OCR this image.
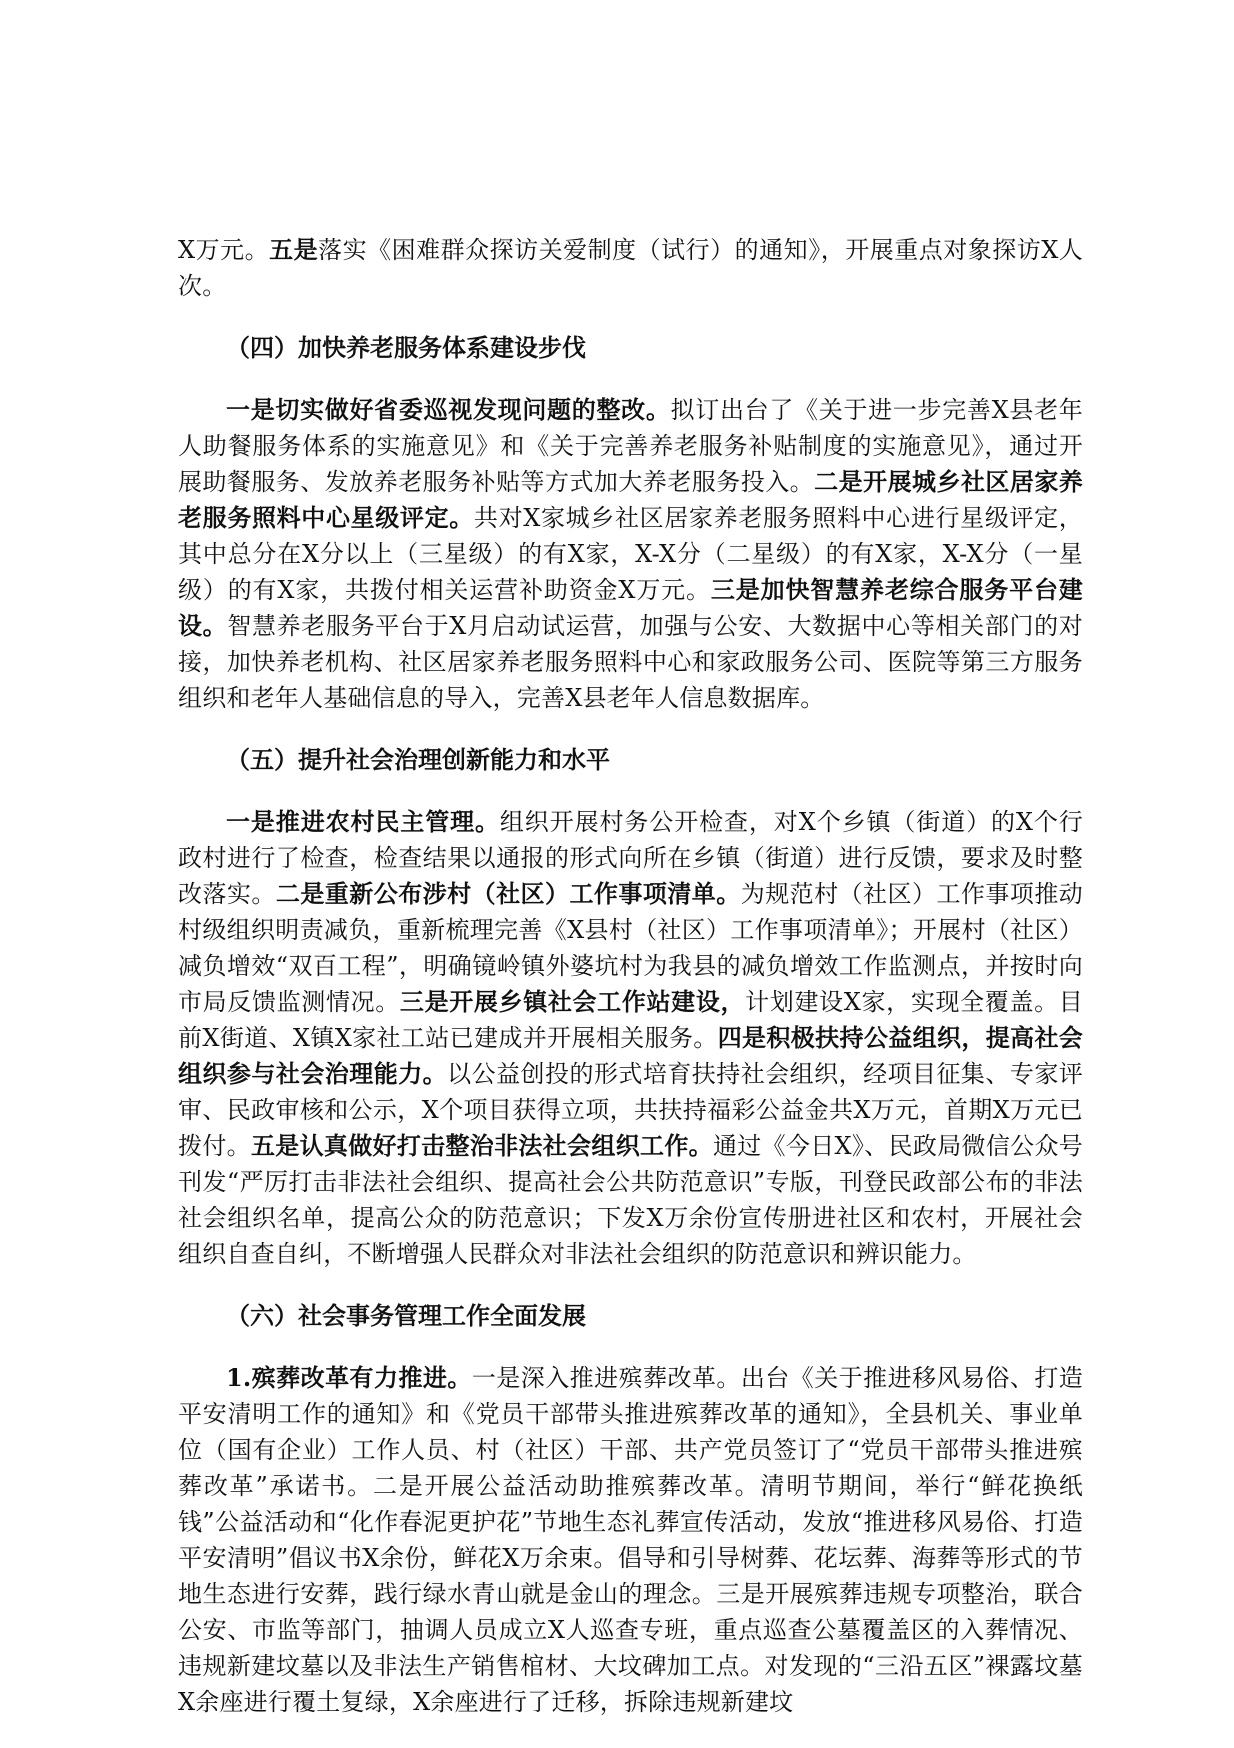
X万元。五是落实《困难群众探访关爱制度（试行）的通知》，开展重点对象探访X人次。

（四）加快养老服务体系建设步伐

一是切实做好省委巡视发现问题的整改。拟订出台了《关于进一步完善X县老年人助餐服务体系的实施意见》和《关于完善养老服务补贴制度的实施意见》，通过开展助餐服务、发放养老服务补贴等方式加大养老服务投入。二是开展城乡社区居家养老服务照料中心星级评定。共对X家城乡社区居家养老服务照料中心进行星级评定，其中总分在X分以上（三星级）的有X家，X-X分（二星级）的有X家，X-X分（一星级）的有X家，共拨付相关运营补助资金X万元。三是加快智慧养老综合服务平台建设。智慧养老服务平台于X月启动试运营，加强与公安、大数据中心等相关部门的对接，加快养老机构、社区居家养老服务照料中心和家政服务公司、医院等第三方服务组织和老年人基础信息的导入，完善X县老年人信息数据库。

（五）提升社会治理创新能力和水平

一是推进农村民主管理。组织开展村务公开检查，对X个乡镇（街道）的X个行政村进行了检查，检查结果以通报的形式向所在乡镇（街道）进行反馈，要求及时整改落实。二是重新公布涉村（社区）工作事项清单。为规范村（社区）工作事项推动村级组织明责减负，重新梳理完善《X县村（社区）工作事项清单》；开展村（社区）减负增效“双百工程”，明确镜岭镇外婆坑村为我县的减负增效工作监测点，并按时向市局反馈监测情况。三是开展乡镇社会工作站建设，计划建设X家，实现全覆盖。目前X街道、X镇X家社工站已建成并开展相关服务。四是积极扶持公益组织，提高社会组织参与社会治理能力。以公益创投的形式培育扶持社会组织，经项目征集、专家评审、民政审核和公示，X个项目获得立项，共扶持福彩公益金共X万元，首期X万元已拨付。五是认真做好打击整治非法社会组织工作。通过《今日X》、民政局微信公众号刊发“严厉打击非法社会组织、提高社会公共防范意识”专版，刊登民政部公布的非法社会组织名单，提高公众的防范意识；下发X万余份宣传册进社区和农村，开展社会组织自查自纠，不断增强人民群众对非法社会组织的防范意识和辨识能力。

（六）社会事务管理工作全面发展

1.殡葬改革有力推进。一是深入推进殡葬改革。出台《关于推进移风易俗、打造平安清明工作的通知》和《党员干部带头推进殡葬改革的通知》，全县机关、事业单位（国有企业）工作人员、村（社区）干部、共产党员签订了“党员干部带头推进殡葬改革”承诺书。二是开展公益活动助推殡葬改革。清明节期间，举行“鲜花换纸钱”公益活动和“化作春泥更护花”节地生态礼葬宣传活动，发放“推进移风易俗、打造平安清明”倡议书X余份，鲜花X万余束。倡导和引导树葬、花坛葬、海葬等形式的节地生态进行安葬，践行绿水青山就是金山的理念。三是开展殡葬违规专项整治，联合公安、市监等部门，抽调人员成立X人巡查专班，重点巡查公墓覆盖区的入葬情况、违规新建坟墓以及非法生产销售棺材、大坟碑加工点。对发现的“三沿五区”裸露坟墓X余座进行覆土复绿，X余座进行了迁移，拆除违规新建坟
